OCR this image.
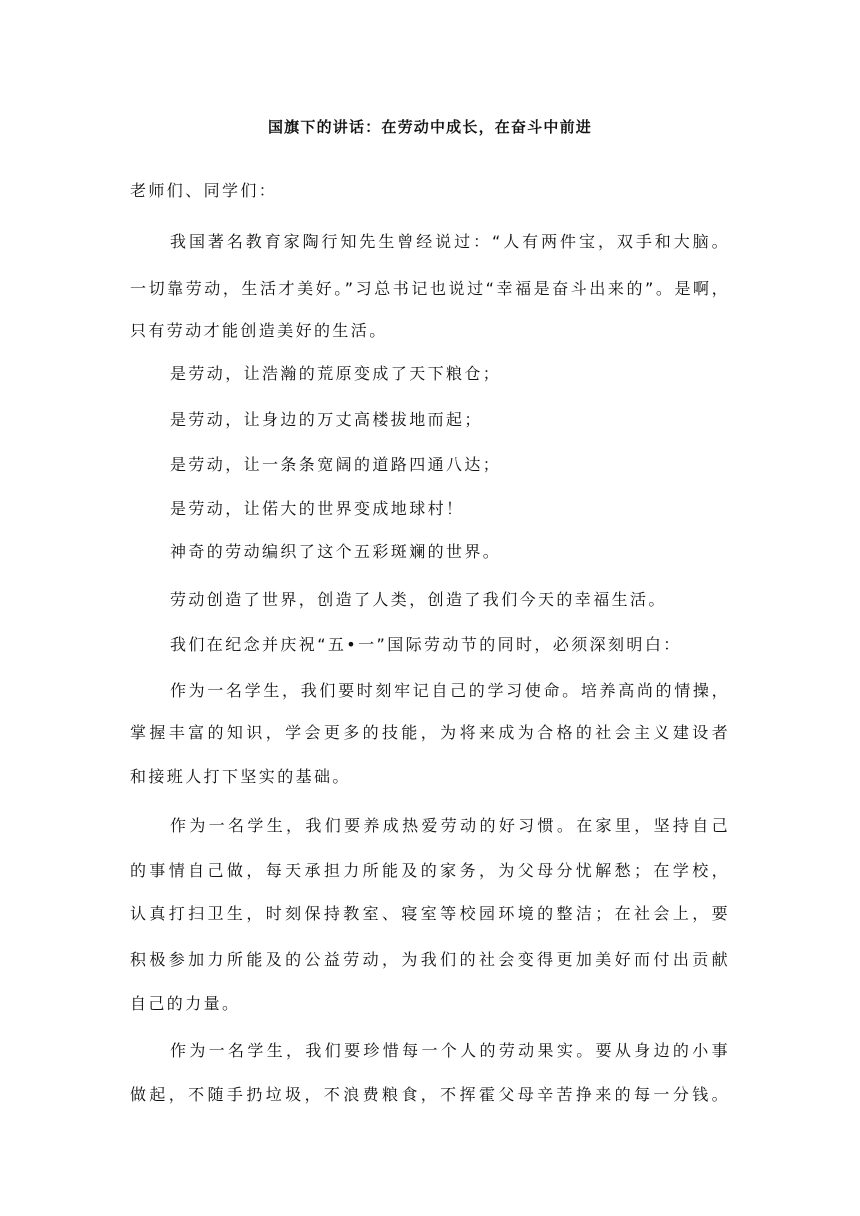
国旗下的讲话：在劳动中成长，在奋斗中前进
老师们、同学们：
我国著名教育家陶行知先生曾经说过：“人有两件宝，双手和大脑。
一切靠劳动，生活才美好。”习总书记也说过“幸福是奋斗出来的”。是啊，
只有劳动才能创造美好的生活。
是劳动，让浩瀚的荒原变成了天下粮仓；
是劳动，让身边的万丈高楼拔地而起；
是劳动，让一条条宽阔的道路四通八达；
是劳动，让偌大的世界变成地球村！
神奇的劳动编织了这个五彩斑斓的世界。
劳动创造了世界，创造了人类，创造了我们今天的幸福生活。
我们在纪念并庆祝“五•一”国际劳动节的同时，必须深刻明白：
作为一名学生，我们要时刻牢记自己的学习使命。培养高尚的情操，
掌握丰富的知识，学会更多的技能，为将来成为合格的社会主义建设者
和接班人打下坚实的基础。
作为一名学生，我们要养成热爱劳动的好习惯。在家里，坚持自己
的事情自己做，每天承担力所能及的家务，为父母分忧解愁；在学校，
认真打扫卫生，时刻保持教室、寝室等校园环境的整洁；在社会上，要
积极参加力所能及的公益劳动，为我们的社会变得更加美好而付出贡献
自己的力量。
作为一名学生，我们要珍惜每一个人的劳动果实。要从身边的小事
做起，不随手扔垃圾，不浪费粮食，不挥霍父母辛苦挣来的每一分钱。
